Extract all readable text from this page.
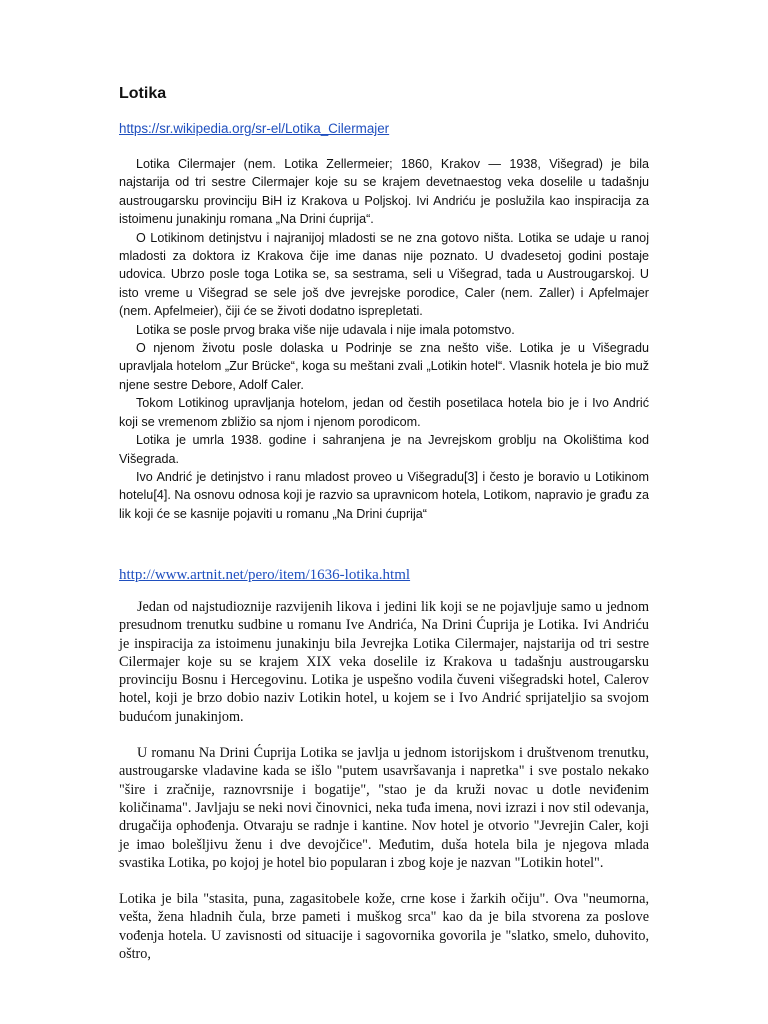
Lotika
https://sr.wikipedia.org/sr-el/Lotika_Cilermajer

Lotika Cilermajer (nem. Lotika Zellermeier; 1860, Krakov — 1938, Višegrad) je bila najstarija od tri sestre Cilermajer koje su se krajem devetnaestog veka doselile u tadašnju austrougarsku provinciju BiH iz Krakova u Poljskoj. Ivi Andriću je poslužila kao inspiracija za istoimenu junakinju romana „Na Drini ćuprija“.

O Lotikinom detinjstvu i najranijoj mladosti se ne zna gotovo ništa. Lotika se udaje u ranoj mladosti za doktora iz Krakova čije ime danas nije poznato. U dvadesetoj godini postaje udovica. Ubrzo posle toga Lotika se, sa sestrama, seli u Višegrad, tada u Austrougarskoj. U isto vreme u Višegrad se sele još dve jevrejske porodice, Caler (nem. Zaller) i Apfelmajer (nem. Apfelmeier), čiji će se životi dodatno isprepletati.

Lotika se posle prvog braka više nije udavala i nije imala potomstvo.

O njenom životu posle dolaska u Podrinje se zna nešto više. Lotika je u Višegradu upravljala hotelom „Zur Brücke“, koga su meštani zvali „Lotikin hotel“. Vlasnik hotela je bio muž njene sestre Debore, Adolf Caler.

Tokom Lotikinog upravljanja hotelom, jedan od čestih posetilaca hotela bio je i Ivo Andrić koji se vremenom zbližio sa njom i njenom porodicom.

Lotika je umrla 1938. godine i sahranjena je na Jevrejskom groblju na Okolištima kod Višegrada.

Ivo Andrić je detinjstvo i ranu mladost proveo u Višegradu[3] i često je boravio u Lotikinom hotelu[4]. Na osnovu odnosa koji je razvio sa upravnicom hotela, Lotikom, napravio je građu za lik koji će se kasnije pojaviti u romanu „Na Drini ćuprija“

http://www.artnit.net/pero/item/1636-lotika.html

Jedan od najstudioznije razvijenih likova i jedini lik koji se ne pojavljuje samo u jednom presudnom trenutku sudbine u romanu Ive Andrića, Na Drini Ćuprija je Lotika. Ivi Andriću je inspiracija za istoimenu junakinju bila Jevrejka Lotika Cilermajer, najstarija od tri sestre Cilermajer koje su se krajem XIX veka doselile iz Krakova u tadašnju austrougarsku provinciju Bosnu i Hercegovinu. Lotika je uspešno vodila čuveni višegradski hotel, Calerov hotel, koji je brzo dobio naziv Lotikin hotel, u kojem se i Ivo Andrić sprijateljio sa svojom budućom junakinjom.

U romanu Na Drini Ćuprija Lotika se javlja u jednom istorijskom i društvenom trenutku, austrougarske vladavine kada se išlo "putem usavršavanja i napretka" i sve postalo nekako "šire i zračnije, raznovrsnije i bogatije", "stao je da kruži novac u dotle neviđenim količinama". Javljaju se neki novi činovnici, neka tuđa imena, novi izrazi i nov stil odevanja, drugačija ophođenja. Otvaraju se radnje i kantine. Nov hotel je otvorio "Jevrejin Caler, koji je imao bolešljivu ženu i dve devojčice". Međutim, duša hotela bila je njegova mlada svastika Lotika, po kojoj je hotel bio popularan i zbog koje je nazvan "Lotikin hotel".

Lotika je bila "stasita, puna, zagasitobele kože, crne kose i žarkih očiju". Ova "neumorna, vešta, žena hladnih čula, brze pameti i muškog srca" kao da je bila stvorena za poslove vođenja hotela. U zavisnosti od situacije i sagovornika govorila je "slatko, smelo, duhovito, oštro,
